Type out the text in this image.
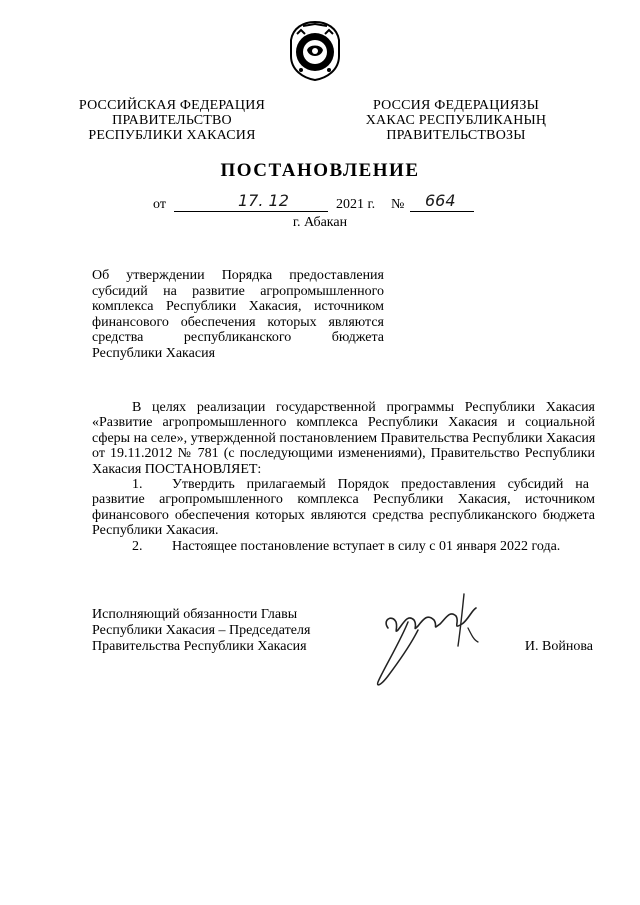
РОССИЙСКАЯ ФЕДЕРАЦИЯ
ПРАВИТЕЛЬСТВО
РЕСПУБЛИКИ ХАКАСИЯ
РОССИЯ ФЕДЕРАЦИЯЗЫ
ХАКАС РЕСПУБЛИКАНЫҢ
ПРАВИТЕЛЬСТВОЗЫ
ПОСТАНОВЛЕНИЕ
от	17. 12	2021 г. № 664
г. Абакан
Об утверждении Порядка предоставления
субсидий на развитие агропромышленного
комплекса Республики Хакасия, источником
финансового обеспечения которых являются
средства республиканского бюджета
Республики Хакасия
В целях реализации государственной программы Республики Хакасия
«Развитие агропромышленного комплекса Республики Хакасия и социальной
сферы на селе», утвержденной постановлением Правительства Республики Хакасия
от 19.11.2012 № 781 (с последующими изменениями), Правительство Республики
Хакасия ПОСТАНОВЛЯЕТ:
1. Утвердить прилагаемый Порядок предоставления субсидий на
развитие агропромышленного комплекса Республики Хакасия, источником
финансового обеспечения которых являются средства республиканского бюджета
Республики Хакасия.
2. Настоящее постановление вступает в силу с 01 января 2022 года.
Исполняющий обязанности Главы
Республики Хакасия – Председателя
Правительства Республики Хакасия	И. Войнова
